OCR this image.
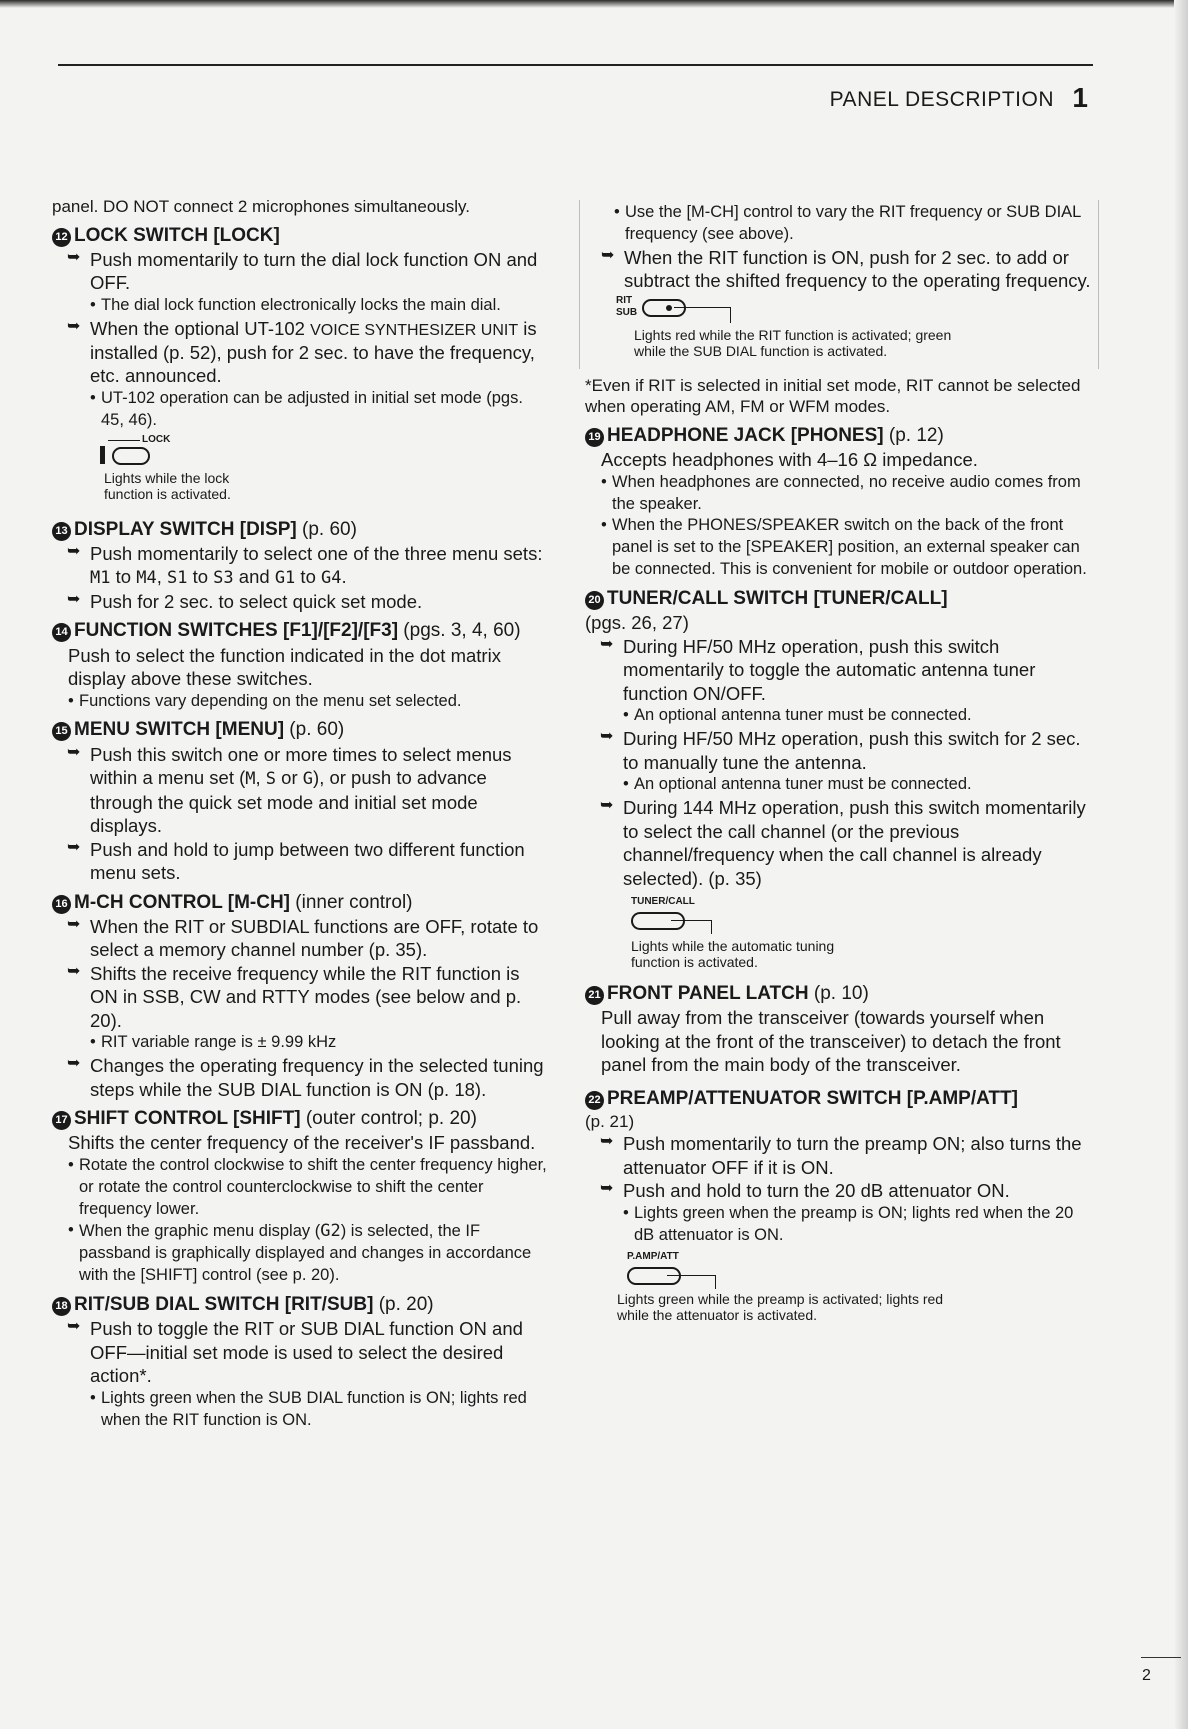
PANEL DESCRIPTION 1

panel. DO NOT connect 2 microphones simultaneously.

12 LOCK SWITCH [LOCK]

➥ Push momentarily to turn the dial lock function ON and OFF.

• The dial lock function electronically locks the main dial.

➥ When the optional UT-102 VOICE SYNTHESIZER UNIT is installed (p. 52), push for 2 sec. to have the frequency, etc. announced.

• UT-102 operation can be adjusted in initial set mode (pgs. 45, 46).

LOCK
Lights while the lock function is activated.

13 DISPLAY SWITCH [DISP] (p. 60)

➥ Push momentarily to select one of the three menu sets: M1 to M4, S1 to S3 and G1 to G4.

➥ Push for 2 sec. to select quick set mode.

14 FUNCTION SWITCHES [F1]/[F2]/[F3] (pgs. 3, 4, 60)

Push to select the function indicated in the dot matrix display above these switches.

• Functions vary depending on the menu set selected.

15 MENU SWITCH [MENU] (p. 60)

➥ Push this switch one or more times to select menus within a menu set (M, S or G), or push to advance through the quick set mode and initial set mode displays.

➥ Push and hold to jump between two different function menu sets.

16 M-CH CONTROL [M-CH] (inner control)

➥ When the RIT or SUBDIAL functions are OFF, rotate to select a memory channel number (p. 35).

➥ Shifts the receive frequency while the RIT function is ON in SSB, CW and RTTY modes (see below and p. 20).

• RIT variable range is ± 9.99 kHz

➥ Changes the operating frequency in the selected tuning steps while the SUB DIAL function is ON (p. 18).

17 SHIFT CONTROL [SHIFT] (outer control; p. 20)

Shifts the center frequency of the receiver's IF passband.

• Rotate the control clockwise to shift the center frequency higher, or rotate the control counterclockwise to shift the center frequency lower.

• When the graphic menu display (G2) is selected, the IF passband is graphically displayed and changes in accordance with the [SHIFT] control (see p. 20).

18 RIT/SUB DIAL SWITCH [RIT/SUB] (p. 20)

➥ Push to toggle the RIT or SUB DIAL function ON and OFF—initial set mode is used to select the desired action*.

• Lights green when the SUB DIAL function is ON; lights red when the RIT function is ON.

• Use the [M-CH] control to vary the RIT frequency or SUB DIAL frequency (see above).

➥ When the RIT function is ON, push for 2 sec. to add or subtract the shifted frequency to the operating frequency.

RIT
SUB
Lights red while the RIT function is activated; green while the SUB DIAL function is activated.

*Even if RIT is selected in initial set mode, RIT cannot be selected when operating AM, FM or WFM modes.

19 HEADPHONE JACK [PHONES] (p. 12)

Accepts headphones with 4–16 Ω impedance.

• When headphones are connected, no receive audio comes from the speaker.

• When the PHONES/SPEAKER switch on the back of the front panel is set to the [SPEAKER] position, an external speaker can be connected. This is convenient for mobile or outdoor operation.

20 TUNER/CALL SWITCH [TUNER/CALL]

(pgs. 26, 27)

➥ During HF/50 MHz operation, push this switch momentarily to toggle the automatic antenna tuner function ON/OFF.

• An optional antenna tuner must be connected.

➥ During HF/50 MHz operation, push this switch for 2 sec. to manually tune the antenna.

• An optional antenna tuner must be connected.

➥ During 144 MHz operation, push this switch momentarily to select the call channel (or the previous channel/frequency when the call channel is already selected). (p. 35)

TUNER/CALL
Lights while the automatic tuning function is activated.

21 FRONT PANEL LATCH (p. 10)

Pull away from the transceiver (towards yourself when looking at the front of the transceiver) to detach the front panel from the main body of the transceiver.

22 PREAMP/ATTENUATOR SWITCH [P.AMP/ATT]

(p. 21)

➥ Push momentarily to turn the preamp ON; also turns the attenuator OFF if it is ON.

➥ Push and hold to turn the 20 dB attenuator ON.

• Lights green when the preamp is ON; lights red when the 20 dB attenuator is ON.

P.AMP/ATT
Lights green while the preamp is activated; lights red while the attenuator is activated.
2
